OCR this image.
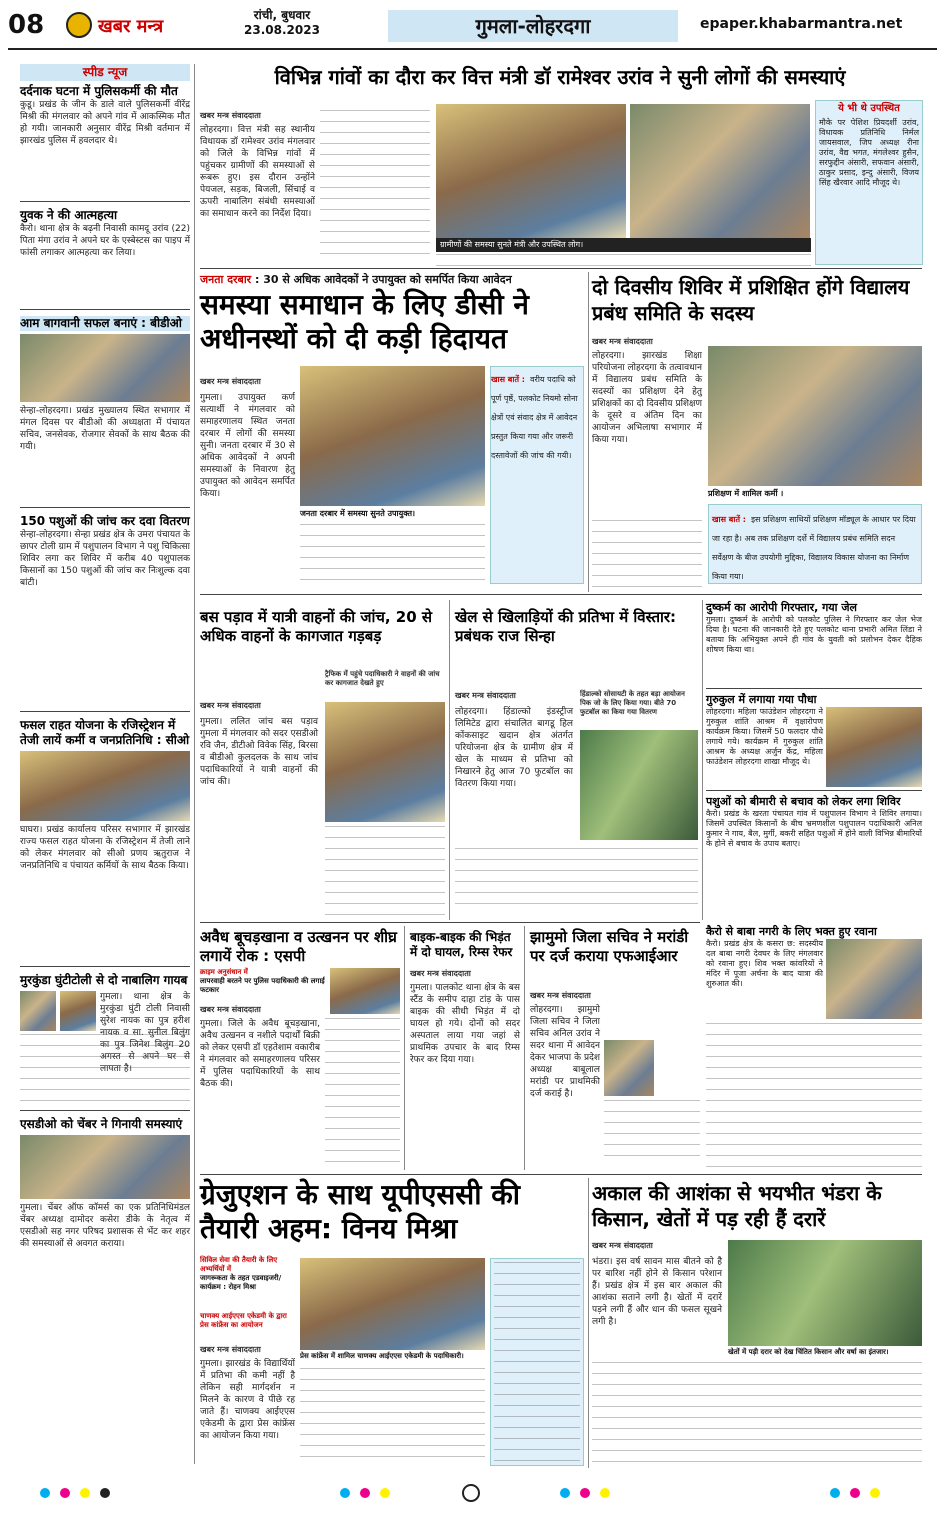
08	खबर मन्त्र
रांची, बुधवार
23.08.2023	गुमला-लोहरदगा	epaper.khabarmantra.net
स्पीड न्यूज
दर्दनाक घटना में पुलिसकर्मी की मौत
कुडू। प्रखंड के जीन के डाले वाले पुलिसकर्मी वीरेंद्र मिश्री की मंगलवार को अपने गांव में आकस्मिक मौत हो गयी। जानकारी अनुसार वीरेंद्र मिश्री वर्तमान में झारखंड पुलिस में हवलदार थे।
युवक ने की आत्महत्या
कैरो। थाना क्षेत्र के बढ़नी निवासी कामदू उरांव (22) पिता मंगा उरांव ने अपने घर के एस्बेस्टस का पाइप में फांसी लगाकर आत्महत्या कर लिया।
आम बागवानी सफल बनाएं : बीडीओ
सेन्हा-लोहरदगा। प्रखंड मुख्यालय स्थित सभागार में मंगल दिवस पर बीडीओ की अध्यक्षता में पंचायत सचिव, जनसेवक, रोजगार सेवकों के साथ बैठक की गयी।
150 पशुओं की जांच कर दवा वितरण
सेन्हा-लोहरदगा। सेन्हा प्रखंड क्षेत्र के उमरा पंचायत के छापर टोली ग्राम में पशुपालन विभाग ने पशु चिकित्सा शिविर लगा कर शिविर में करीब 40 पशुपालक किसानों का 150 पशुओं की जांच कर निःशुल्क दवा बांटी।
फसल राहत योजना के रजिस्ट्रेशन में तेजी लायें कर्मी व जनप्रतिनिधि : सीओ
घाघरा। प्रखंड कार्यालय परिसर सभागार में झारखंड राज्य फसल राहत योजना के रजिस्ट्रेशन में तेजी लाने को लेकर मंगलवार को सीओ प्रणय ऋतुराज ने जनप्रतिनिधि व पंचायत कर्मियों के साथ बैठक किया।
मुरकुंडा घुंटीटोली से दो नाबालिग गायब
गुमला। थाना क्षेत्र के मुरकुंडा घुंटी टोली निवासी सुरेश नायक का पुत्र हरीश नायक व सा. सुनील बिलुंग का पुत्र जिनेश बिलुंग 20 अगस्त से अपने घर से लापता है।
एसडीओ को चेंबर ने गिनायी समस्याएं
गुमला। चेंबर ऑफ कॉमर्स का एक प्रतिनिधिमंडल चेंबर अध्यक्ष दामोदर कसेरा डीके के नेतृत्व में एसडीओ सह नगर परिषद प्रशासक से भेंट कर शहर की समस्याओं से अवगत कराया।
विभिन्न गांवों का दौरा कर वित्त मंत्री डॉ रामेश्वर उरांव ने सुनी लोगों की समस्याएं
खबर मन्त्र संवाददाता
लोहरदगा। वित्त मंत्री सह स्थानीय विधायक डॉ रामेश्वर उरांव मंगलवार को जिले के विभिन्न गांवों में पहुंचकर ग्रामीणों की समस्याओं से रूबरू हुए। इस दौरान उन्होंने पेयजल, सड़क, बिजली, सिंचाई व ऊपरी नाबालिग संबंधी समस्याओं का समाधान करने का निर्देश दिया।
ग्रामीणों की समस्या सुनते मंत्री और उपस्थित लोग।
ये भी थे उपस्थित
मौके पर पेशिश प्रियदर्शी उरांव, विधायक प्रतिनिधि निर्मल जायसवाल, जिप अध्यक्ष रीना उरांव, वैद्य भगत, मंगलेश्वर हुसैन, सरफुद्दीन अंसारी, सफवान अंसारी, ठाकुर प्रसाद, इन्दु अंसारी, विजय सिंह खैरवार आदि मौजूद थे।
जनता दरबार : 30 से अधिक आवेदकों ने उपायुक्त को समर्पित किया आवेदन
समस्या समाधान के लिए डीसी ने अधीनस्थों को दी कड़ी हिदायत
खबर मन्त्र संवाददाता
गुमला। उपायुक्त कर्ण सत्यार्थी ने मंगलवार को समाहरणालय स्थित जनता दरबार में लोगों की समस्या सुनी। जनता दरबार में 30 से अधिक आवेदकों ने अपनी समस्याओं के निवारण हेतु उपायुक्त को आवेदन समर्पित किया।
जनता दरबार में समस्या सुनते उपायुक्त।
खास बातें : वरीय पदाधि को पूर्ण पृष्ठें, पलकोट नियमो सोना क्षेत्रों एवं संवाद क्षेत्र में आवेदन प्रस्तुत किया गया और जरूरी दस्तावेजों की जांच की गयी।
दो दिवसीय शिविर में प्रशिक्षित होंगे विद्यालय प्रबंध समिति के सदस्य
खबर मन्त्र संवाददाता
लोहरदगा। झारखंड शिक्षा परियोजना लोहरदगा के तत्वावधान में विद्यालय प्रबंध समिति के सदस्यों का प्रशिक्षण देने हेतु प्रशिक्षकों का दो दिवसीय प्रशिक्षण के दूसरे व अंतिम दिन का आयोजन अभिलाषा सभागार में किया गया।
प्रशिक्षण में शामिल कर्मी ।
खास बातें : इस प्रशिक्षण साथियों प्रशिक्षण मॉड्यूल के आधार पर दिया जा रहा है। अब तक प्रशिक्षण दर्शे में विद्यालय प्रबंध समिति सदन सर्वेक्षण के बीज उपयोगी मुद्दिका, विद्यालय विकास योजना का निर्माण किया गया।
बस पड़ाव में यात्री वाहनों की जांच, 20 से अधिक वाहनों के कागजात गड़बड़
खबर मन्त्र संवाददाता
ट्रैफिक में पहुंचे पदाधिकारी ने वाहनों की जांच कर कागजात देखते हुए
गुमला। ललित जांच बस पड़ाव गुमला में मंगलवार को सदर एसडीओ रवि जैन, डीटीओ विवेक सिंह, बिरसा व बीडीओ कुलदलक के साथ जांच पदाधिकारियों ने यात्री वाहनों की जांच की।
खेल से खिलाड़ियों की प्रतिभा में विस्तार: प्रबंधक राज सिन्हा
खबर मन्त्र संवाददाता	हिंडाल्को सोसायटी के तहत बड़ा आयोजन पिक जो के लिए किया गया। बीते 70 फुटबॉल का किया गया वितरण
लोहरदगा। हिंडाल्को इंडस्ट्रीज लिमिटेड द्वारा संचालित बागडू हिल कोंकसाइट खदान क्षेत्र अंतर्गत परियोजना क्षेत्र के ग्रामीण क्षेत्र में खेल के माध्यम से प्रतिभा को निखारने हेतु आज 70 फुटबॉल का वितरण किया गया।
दुष्कर्म का आरोपी गिरफ्तार, गया जेल
गुमला। दुष्कर्म के आरोपी को पलकोट पुलिस ने गिरफ्तार कर जेल भेज दिया है। घटना की जानकारी देते हुए पलकोट थाना प्रभारी अमित लिंडा ने बताया कि अभियुक्त अपने ही गांव के युवती को प्रलोभन देकर दैहिक शोषण किया था।
गुरुकुल में लगाया गया पौधा
लोहरदगा। महिला फाउंडेशन लोहरदगा ने गुरुकुल शांति आश्रम में वृक्षारोपण कार्यक्रम किया। जिसमें 50 फलदार पौधे लगाये गये। कार्यक्रम में गुरुकुल शांति आश्रम के अध्यक्ष अर्जुन केंद्र, महिला फाउंडेशन लोहरदगा शाखा मौजूद थे।
पशुओं को बीमारी से बचाव को लेकर लगा शिविर
कैरो। प्रखंड के खरता पंचायत गांव में पशुपालन विभाग ने शिविर लगाया। जिसमें उपस्थित किसानों के बीच भ्रमणशील पशुपालन पदाधिकारी अनिल कुमार ने गाय, बैल, मुर्गी, बकरी सहित पशुओं में होने वाली विभिन्न बीमारियों के होने से बचाव के उपाय बताए।
कैरो से बाबा नगरी के लिए भक्त हुए रवाना
कैरो। प्रखंड क्षेत्र के कसरा छ: सदस्यीय दल बाबा नगरी देवघर के लिए मंगलवार को रवाना हुए। शिव भक्त कांवरियों ने मंदिर में पूजा अर्चना के बाद यात्रा की शुरुआत की।
अवैध बूचड़खाना व उत्खनन पर शीघ्र लगायें रोक : एसपी
क्राइम अनुसंधान में
लापरवाही बरतने पर पुलिस पदाधिकारी की लगाई फटकार
खबर मन्त्र संवाददाता
गुमला। जिले के अवैध बूचड़खाना, अवैध उत्खनन व नशीले पदार्थों बिक्री को लेकर एसपी डॉ एहतेशाम वकारीब ने मंगलवार को समाहरणालय परिसर में पुलिस पदाधिकारियों के साथ बैठक की।
बाइक-बाइक की भिड़ंत में दो घायल, रिम्स रेफर
खबर मन्त्र संवाददाता
गुमला। पालकोट थाना क्षेत्र के बस स्टैंड के समीप दाहा टांड़ के पास बाइक की सीधी भिड़ंत में दो घायल हो गये। दोनों को सदर अस्पताल लाया गया जहां से प्राथमिक उपचार के बाद रिम्स रेफर कर दिया गया।
झामुमो जिला सचिव ने मरांडी पर दर्ज कराया एफआईआर
खबर मन्त्र संवाददाता
लोहरदगा। झामुमो जिला सचिव ने जिला सचिव अनिल उरांव ने सदर थाना में आवेदन देकर भाजपा के प्रदेश अध्यक्ष बाबूलाल मरांडी पर प्राथमिकी दर्ज कराई है।
ग्रेजुएशन के साथ यूपीएससी की तैयारी अहम: विनय मिश्रा
सिविल सेवा की तैयारी के लिए अभ्यर्थियों में
जागरूकता के तहत एडवाइजरी/कार्यक्रम : रोहन मिश्रा
चाणक्य आईएएस एकेडमी के द्वारा प्रेस कांफ्रेंस का आयोजन
खबर मन्त्र संवाददाता
गुमला। झारखंड के विद्यार्थियों में प्रतिभा की कमी नहीं है लेकिन सही मार्गदर्शन न मिलने के कारण वे पीछे रह जाते हैं। चाणक्य आईएएस एकेडमी के द्वारा प्रेस कांफ्रेंस का आयोजन किया गया।
प्रेस कांफ्रेंस में शामिल चाणक्य आईएएस एकेडमी के पदाधिकारी।
अकाल की आशंका से भयभीत भंडरा के किसान, खेतों में पड़ रही हैं दरारें
खबर मन्त्र संवाददाता
भंडरा। इस वर्ष सावन मास बीतने को है पर बारिश नहीं होने से किसान परेशान हैं। प्रखंड क्षेत्र में इस बार अकाल की आशंका सताने लगी है। खेतों में दरारें पड़ने लगी हैं और धान की फसल सूखने लगी है।
खेतों में पड़ी दरार को देख चिंतित किसान और वर्षा का इंतजार।
